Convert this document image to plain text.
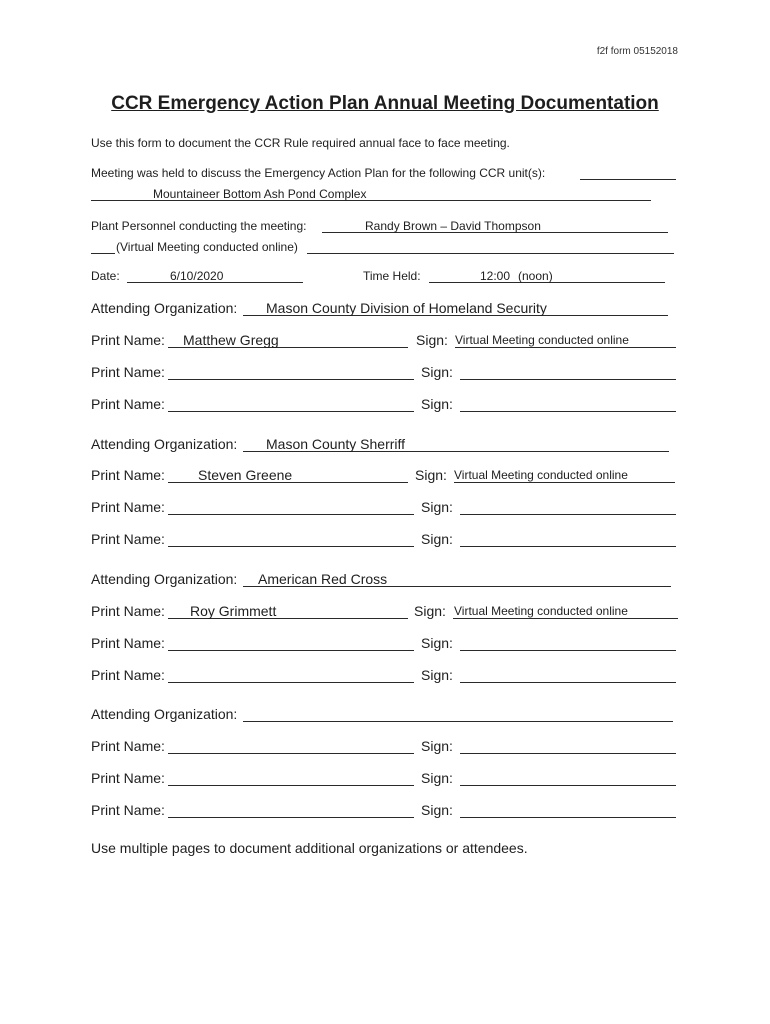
f2f form 05152018
CCR Emergency Action Plan Annual Meeting Documentation
Use this form to document the CCR Rule required annual face to face meeting.
Meeting was held to discuss the Emergency Action Plan for the following CCR unit(s):
Mountaineer Bottom Ash Pond Complex
Plant Personnel conducting the meeting:	Randy Brown – David Thompson
(Virtual Meeting conducted online)
Date:	6/10/2020	Time Held:	12:00 (noon)
Attending Organization: Mason County Division of Homeland Security
Print Name: Matthew Gregg	Sign: Virtual Meeting conducted online
Print Name:	Sign:
Print Name:	Sign:
Attending Organization: Mason County Sherriff
Print Name: Steven Greene	Sign: Virtual Meeting conducted online
Print Name:	Sign:
Print Name:	Sign:
Attending Organization: American Red Cross
Print Name: Roy Grimmett	Sign: Virtual Meeting conducted online
Print Name:	Sign:
Print Name:	Sign:
Attending Organization:
Print Name:	Sign:
Print Name:	Sign:
Print Name:	Sign:
Use multiple pages to document additional organizations or attendees.
